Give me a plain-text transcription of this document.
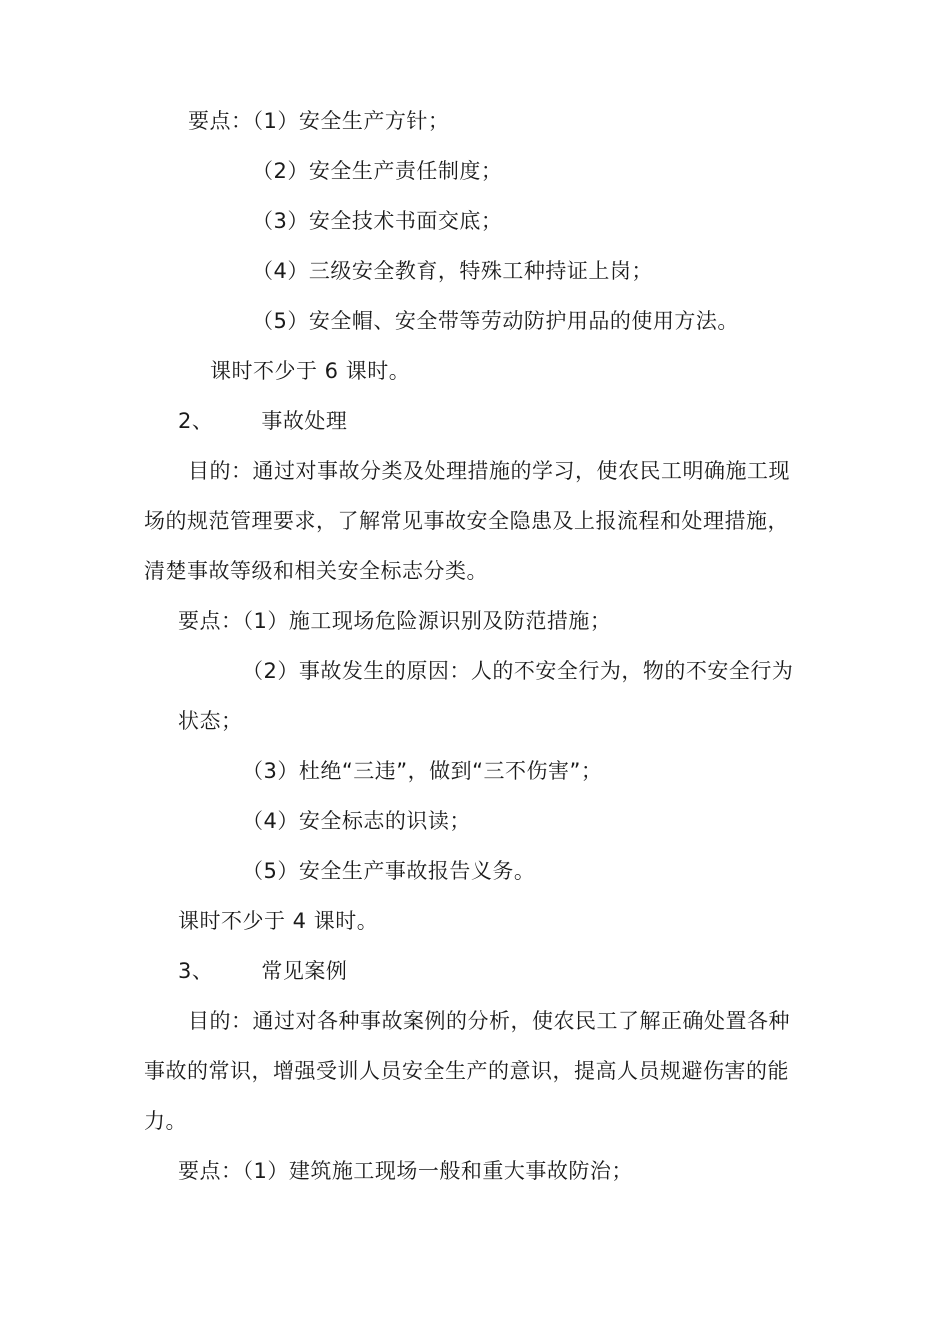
要点：（1）安全生产方针；
（2）安全生产责任制度；
（3）安全技术书面交底；
（4）三级安全教育，特殊工种持证上岗；
（5）安全帽、安全带等劳动防护用品的使用方法。
课时不少于 6 课时。
2、 事故处理
目的：通过对事故分类及处理措施的学习，使农民工明确施工现
场的规范管理要求，了解常见事故安全隐患及上报流程和处理措施，
清楚事故等级和相关安全标志分类。
要点：（1）施工现场危险源识别及防范措施；
（2）事故发生的原因：人的不安全行为，物的不安全行为
状态；
（3）杜绝“三违”，做到“三不伤害”；
（4）安全标志的识读；
（5）安全生产事故报告义务。
课时不少于 4 课时。
3、 常见案例
目的：通过对各种事故案例的分析，使农民工了解正确处置各种
事故的常识，增强受训人员安全生产的意识，提高人员规避伤害的能
力。
要点：（1）建筑施工现场一般和重大事故防治；
